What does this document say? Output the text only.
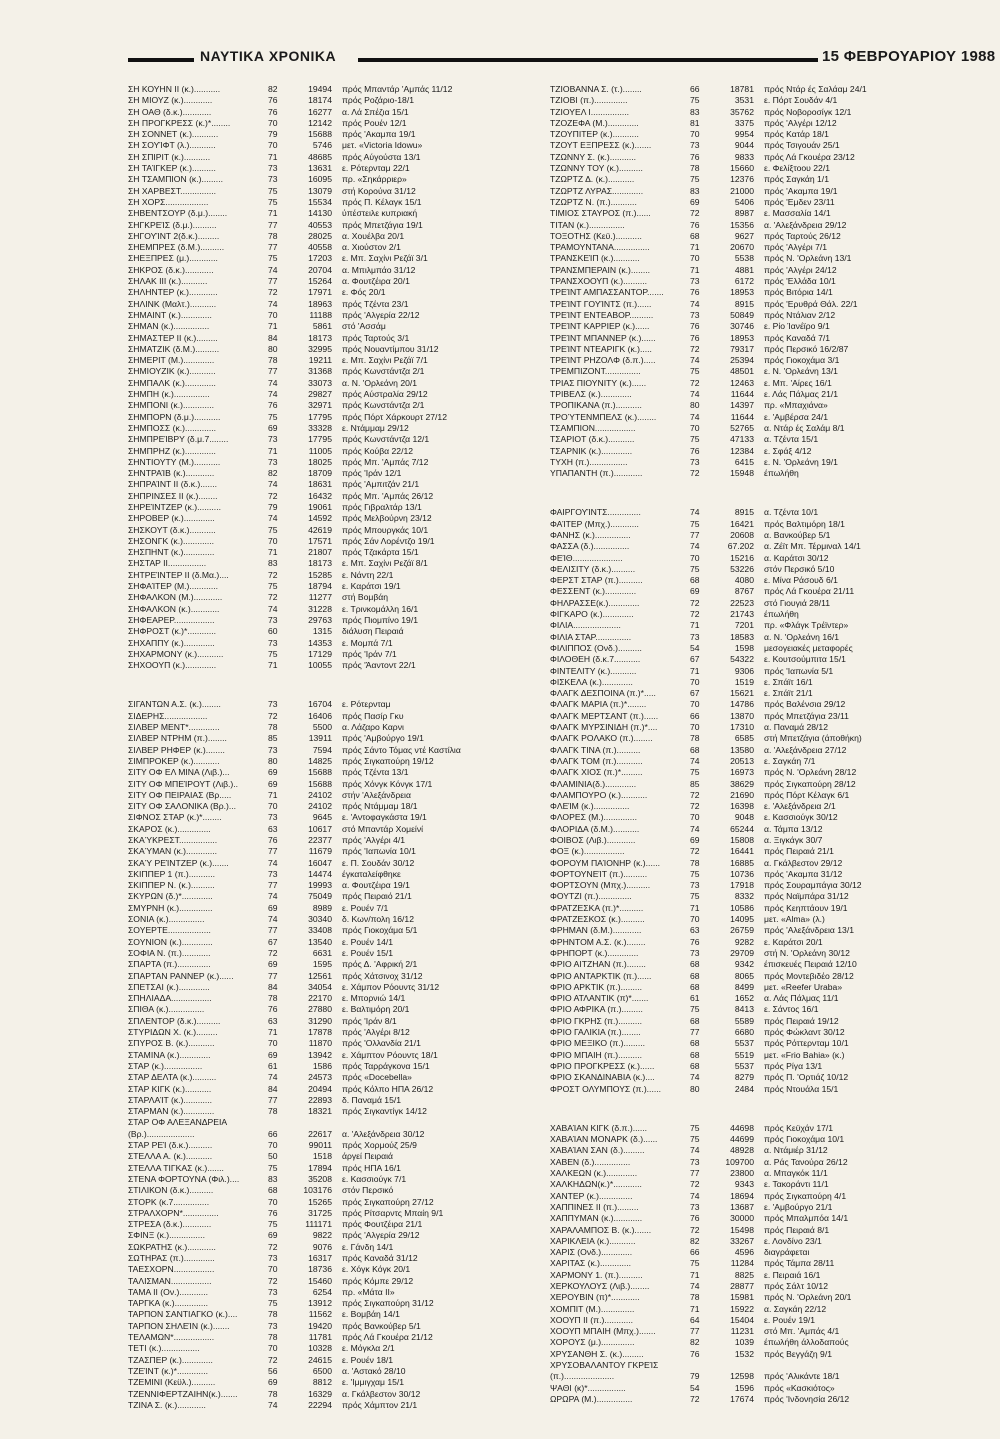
ΝΑΥΤΙΚΑ ΧΡΟΝΙΚΑ	15 ΦΕΒΡΟΥΑΡΙΟΥ 1988
ΣΗ ΚΟΥΗΝ ΙΙ (κ.)...........	82	19494	πρός Μπαντάρ 'Αμπάς 11/12
ΣΗ ΜΙΟΥΖ (κ.)............	76	18174	πρός Ροζάριο-18/1
ΣΗ ΟΑΘ (δ.κ.)............	76	16277	α. Λά Σπέζια 15/1
ΣΗ ΠΡΟΓΚΡΕΣΣ (κ.)*........	70	12142	πρός Ρουέν 12/1
ΣΗ ΣΟΝΝΕΤ (κ.)...........	79	15688	πρός 'Ακαμπα 19/1
ΣΗ ΣΟΥΊΦΤ (λ.)...........	70	5746	μετ. «Victoria Idowu»
ΣΗ ΣΠΙΡΙΤ (κ.)...........	71	48685	πρός Αύγούστα 13/1
ΣΗ ΤΑΊΓΚΕΡ (κ.)..........	73	13631	ε. Ρότερνταμ 22/1
ΣΗ ΤΣΑΜΠΙΟΝ (κ.).........	73	16095	πρ. «Σηκάρριερ»
ΣΗ ΧΑΡΒΕΣΤ...............	75	13079	στή Κορούνα 31/12
ΣΗ ΧΟΡΣ..................	75	15534	πρός Π. Κέλαγκ 15/1
ΣΗΒΕΝΤΣΟΥΡ (δ.μ.)........	71	14130	ύπέστειλε κυπριακή
ΣΗΓΚΡΕΊΣ (δ.μ.)..........	77	40553	πρός Μπετζάγια 19/1
ΣΗΓΟΥΊΝΤ 2(δ.κ.).........	78	28025	α. Χουέλβα 20/1
ΣΗΕΜΠΡΕΣ (δ.Μ.)..........	77	40558	α. Χιούστον 2/1
ΣΗΕΞΠΡΕΣ (μ.)............	75	17203	ε. Μπ. Σαχίνι Ρεζάϊ 3/1
ΣΗΚΡΟΣ (δ.κ.)............	74	20704	α. Μπιλμπάο 31/12
ΣΗΛΑΚ ΙΙΙ (κ.)...........	77	15264	α. Φουτζέιρα 20/1
ΣΗΛΗΝΤΕΡ (κ.)............	72	17971	ε. Φός 20/1
ΣΗΛΙΝΚ (Μαλτ.)...........	74	18963	πρός Τζέντα 23/1
ΣΗΜΑΙΝΤ (κ.).............	70	11188	πρός 'Αλγερία 22/12
ΣΗΜΑΝ (κ.)...............	71	5861	στό 'Ασσάμ
ΣΗΜΑΣΤΕΡ ΙΙ (κ.).........	84	18173	πρός Ταρτούς 3/1
ΣΗΜΑΤΖΙΚ (δ.Μ.)..........	80	32995	πρός Νουαντίμπου 31/12
ΣΗΜΕΡΙΤ (Μ.).............	78	19211	ε. Μπ. Σαχίνι Ρεζάϊ 7/1
ΣΗΜΙΟΥΖΙΚ (κ.)...........	77	31368	πρός Κωνστάντζα 2/1
ΣΗΜΠΑΛΚ (κ.).............	74	33073	α. Ν. 'Ορλεάνη 20/1
ΣΗΜΠΗ (κ.)...............	74	29827	πρός Αύστραλία 29/12
ΣΗΜΠΟΝΙ (κ.).............	76	32971	πρός Κωνστάντζα 2/1
ΣΗΜΠΟΡΝ (δ.μ.)...........	75	17795	πρός Πόρτ Χάρκουρτ 27/12
ΣΗΜΠΟΣΣ (κ.).............	69	33328	ε. Ντάμμαμ 29/12
ΣΗΜΠΡΕΊΒΡΥ (δ.μ.7........	73	17795	πρός Κωνστάντζα 12/1
ΣΗΜΠΡΗΖ (κ.).............	71	11005	πρός Κούβα 22/12
ΣΗΝΤΙΟΥΤΥ (Μ.)...........	73	18025	πρός Μπ. 'Αμπάς 7/12
ΣΗΝΤΡΑΊΒ (κ.)............	82	18709	πρός 'Ιράν 12/1
ΣΗΠΡΑΊΝΤ ΙΙ (δ.κ.).......	74	18631	πρός 'Αμπιτζάν 21/1
ΣΗΠΡΙΝΣΕΣ ΙΙ (κ.)........	72	16432	πρός Μπ. 'Αμπάς 26/12
ΣΗΡΕΊΝΤΖΕΡ (κ.)..........	79	19061	πρός Γιβραλτάρ 13/1
ΣΗΡΟΒΕΡ (κ.).............	74	14592	πρός Μελβούρνη 23/12
ΣΗΣΚΟΥΤ (δ.κ.)...........	75	42619	πρός Μπουργκάς 10/1
ΣΗΣΟΝΓΚ (κ.).............	70	17571	πρός Σάν Λορέντζο 19/1
ΣΗΣΠΗΝΤ (κ.).............	71	21807	πρός Τζακάρτα 15/1
ΣΗΣΤΑΡ ΙΙ................	83	18173	ε. Μπ. Σαχίνι Ρεζάϊ 8/1
ΣΗΤΡΕΊΝΤΕΡ ΙΙ (δ.Μα.)....	72	15285	ε. Νάντη 22/1
ΣΗΦΑΊΤΕΡ (Μ.)............	75	18794	ε. Καράτσι 19/1
ΣΗΦΑΛΚΟΝ (Μ.)............	72	11277	στή Βομβάη
ΣΗΦΑΛΚΟΝ (κ.)............	74	31228	ε. Τρινκομάλλη 16/1
ΣΗΦΕΑΡΕΡ.................	73	29763	πρός Πιομπίνο 19/1
ΣΗΦΡΟΣΤ (κ.)*............	60	1315	διάλυση Πειραιά
ΣΗΧΑΠΠΥ (κ.).............	73	14353	ε. Μομπά 7/1
ΣΗΧΑΡΜΟΝΥ (κ.)...........	75	17129	πρός 'Ιράν 7/1
ΣΗΧΟΟΥΠ (κ.).............	71	10055	πρός 'Άαντοντ 22/1
ΣΙΓΑΝΤΩΝ Α.Σ. (κ.)........	73	16704	ε. Ρότερνταμ
ΣΙΔΕΡΗΣ..................	72	16406	πρός Πασίρ Γκυ
ΣΙΛΒΕΡ ΜΕΝΤ*.............	78	5500	α. Λάζαρο Καρνι
ΣΙΛΒΕΡ ΝΤΡΗΜ (π.)........	85	13911	πρός 'Αμβούργο 19/1
ΣΙΛΒΕΡ ΡΗΦΕΡ (κ.)........	73	7594	πρός Σάντο Τόμας ντέ Καστίλια
ΣΙΜΠΡΟΚΕΡ (κ.)...........	80	14825	πρός Σιγκαπούρη 19/12
ΣΙΤΥ ΟΦ ΕΛ ΜΙΝΑ (Λιβ.)...	69	15688	πρός Τζέντα 13/1
ΣΙΤΥ ΟΦ ΜΠΕΊΡΟΥΤ (Λιβ.)..	69	15688	πρός Χόνγκ Κόνγκ 17/1
ΣΙΤΥ ΟΦ ΠΕΙΡΑΙΑΣ (Βρ.....	71	24102	στήν 'Αλεξάνδρεια
ΣΙΤΥ ΟΦ ΣΑΛΟΝΙΚΑ (Βρ.)...	70	24102	πρός Ντάμμαμ 18/1
ΣΙΦΝΟΣ ΣΤΑΡ (κ.)*........	73	9645	ε. 'Αντοφαγκάστα 19/1
ΣΚΑΡΟΣ (κ.)..............	63	10617	στό Μπαντάρ Χομείνί
ΣΚΑΎΚΡΕΣΤ................	76	22377	πρός 'Αλγέρι 4/1
ΣΚΑΎΜΑΝ (κ.).............	77	11679	πρός 'Ιαπωνία 10/1
ΣΚΑΎ ΡΕΊΝΤΖΕΡ (κ.).......	74	16047	ε. Π. Σουδάν 30/12
ΣΚΙΠΠΕΡ 1 (π.)...........	73	14474	έγκαταλείφθηκε
ΣΚΙΠΠΕΡ Ν. (κ.)..........	77	19993	α. Φουτζέιρα 19/1
ΣΚΥΡΩΝ (δ.)*.............	74	75049	πρός Πειραιό 21/1
ΣΜΥΡΝΗ (κ.)..............	69	8989	ε. Ρουέν 7/1
ΣΟΝΙΑ (κ.)...............	74	30340	δ. Κων/πολη 16/12
ΣΟΥΕΡΤΕ..................	77	33408	πρός Γιοκοχάμα 5/1
ΣΟΥΝΙΟΝ (κ.).............	67	13540	ε. Ρουέν 14/1
ΣΟΦΙΑ Ν. (π.)............	72	6631	ε. Ρουέν 15/1
ΣΠΑΡΤΑ (π.)..............	69	1595	πρός Δ. 'Αφρική 2/1
ΣΠΑΡΤΑΝ ΡΑΝΝΕΡ (κ.)......	77	12561	πρός Χάτσινοχ 31/12
ΣΠΕΤΣΑΙ (κ.).............	84	34054	ε. Χάμπον Ρόουντς 31/12
ΣΠΗΛΙΑΔΑ.................	78	22170	ε. Μπορνιώ 14/1
ΣΠΙΘΑ (κ.)...............	76	27880	ε. Βαλτιμόρη 20/1
ΣΠΛΕΝΤΟΡ (δ.κ.)..........	63	31290	πρός 'Ιράν 8/1
ΣΤΥΡΙΔΩΝ Χ. (κ.).........	71	17878	πρός 'Αλγέρι 8/12
ΣΠΥΡΟΣ Β. (κ.)...........	70	11870	πρός 'Ολλανδία 21/1
ΣΤΑΜΙΝΑ (κ.).............	69	13942	ε. Χάμπτον Ρόουντς 18/1
ΣΤΑΡ (κ.)................	61	1586	πρός Ταρράγκονα 15/1
ΣΤΑΡ ΔΕΛΤΑ (κ.)..........	74	24573	πρός «Docebella»
ΣΤΑΡ ΚΙΓΚ (κ.)...........	84	20494	πρός Κόλπο ΗΠΑ 26/12
ΣΤΑΡΛΑΊΤ (κ.)............	77	22893	δ. Παναμά 15/1
ΣΤΑΡΜΑΝ (κ.).............	78	18321	πρός Σιγκαντίγκ 14/12
ΣΤΑΡ ΟΦ ΑΛΕΞΑΝΔΡΕΙΑ
(Βρ.)....................	66	22617	α. 'Αλεξάνδρεια 30/12
ΣΤΑΡ ΡΕΊ (δ.κ.)..........	70	99011	πρός Χορμούζ 25/9
ΣΤΕΛΛΑ Α. (κ.)...........	50	1518	άργεί Πειραιά
ΣΤΕΛΛΑ ΤΙΓΚΑΣ (κ.).......	75	17894	πρός ΗΠΑ 16/1
ΣΤΕΝΑ ΦΟΡΤΟΥΝΑ (Φιλ.)....	83	35208	ε. Κασσιούγκ 7/1
ΣΤΙΛΙΚΟΝ (δ.κ.)..........	68	103176	στόν Περσικό
ΣΤΟΡΚ (κ.7...............	70	15265	πρός Σιγκαπούρη 27/12
ΣΤΡΑΛΧΟΡΝ*...............	76	31725	πρός Ρίτσαρντς Μπαίη 9/1
ΣΤΡΕΣΑ (δ.κ.)............	75	111171	πρός Φουτζέιρα 21/1
ΣΦΙΝΞ (κ.)...............	69	9822	πρός 'Αλγερία 29/12
ΣΩΚΡΑΤΗΣ (κ.)............	72	9076	ε. Γάνδη 14/1
ΣΩΤΗΡΑΣ (π.).............	73	16317	πρός Καναδά 31/12
ΤΑΕΣΧΟΡΝ.................	70	18736	ε. Χόγκ Κόγκ 20/1
ΤΑΛΙΣΜΑΝ.................	72	15460	πρός Κόμπε 29/12
ΤΑΜΑ ΙΙ (Ον.)............	73	6254	πρ. «Μάτα ΙΙ»
ΤΑΡΓΚΑ (κ.)..............	75	13912	πρός Σιγκαπούρη 31/12
ΤΑΡΠΟΝ ΣΑΝΤΙΑΓΚΟ (κ.)....	78	11562	ε. Βομβάη 14/1
ΤΑΡΠΟΝ ΣΗΛΕΊΝ (κ.).......	73	19420	πρός Βανκούβερ 5/1
ΤΕΛΑΜΩΝ*.................	78	11781	πρός Λά Γκουέρα 21/12
ΤΕΤΙ (κ.)................	70	10328	ε. Μόγκλα 2/1
ΤΖΑΣΠΕΡ (κ.).............	72	24615	ε. Ρουέν 18/1
ΤΖΕΊΝΤ (κ.)*.............	56	6500	α. 'Αστακό 28/10
ΤΖΕΜΙΝΙ (Κεϋλ.)..........	69	8812	ε. 'Ιμμιγχαμ 15/1
ΤΖΕΝΝΙΦΕΡΤΖΑΙΗΝ(κ.).......	78	16329	α. Γκάλβεστον 30/12
ΤΖΙΝΑ Σ. (κ.)............	74	22294	πρός Χάμπτον 21/1
ΤΖΙΟΒΑΝΝΑ Σ. (τ.)........	66	18781	πρός Ντάρ ές Σαλάαμ 24/1
ΤΖΙΟΒΙ (π.)..............	75	3531	ε. Πόρτ Σουδάν 4/1
ΤΖΙΟΥΕΛ Ι................	83	35762	πρός Νοβοροσίγκ 12/1
ΤΖΟΖΕΦΑ (Μ.).............	81	3375	πρός 'Αλγέρι 12/12
ΤΖΟΥΠΙΤΕΡ (κ.)...........	70	9954	πρός Κατάρ 18/1
ΤΖΟΥΤ ΕΞΠΡΕΣΣ (κ.).......	73	9044	πρός Τσιγουάν 25/1
ΤΖΩΝΝΥ Σ. (κ.)...........	76	9833	πρός Λά Γκουέρα 23/12
ΤΖΩΝΝΥ ΤΟΥ (κ.)..........	78	15660	ε. Φελίξτοου 22/1
ΤΖΩΡΤΖ Δ. (κ.)...........	75	12376	πρός Σαγκάη 1/1
ΤΖΩΡΤΖ ΛΥΡΑΣ.............	83	21000	πρός 'Ακαμπα 19/1
ΤΖΩΡΤΖ Ν. (π.)...........	69	5406	πρός 'Εμδεν 23/11
ΤΙΜΙΟΣ ΣΤΑΥΡΟΣ (π.)......	72	8987	ε. Μασσαλία 14/1
ΤΙΤΑΝ (κ.)...............	76	15356	α. 'Αλεξάνδρεια 29/12
ΤΟΞΟΤΗΣ (Κεϋ.)...........	68	9627	πρός Ταρτούς 26/12
ΤΡΑΜΟΥΝΤΑΝΑ...............	71	20670	πρός 'Αλγέρι 7/1
ΤΡΑΝΣΚΕΊΠ (κ.)...........	70	5538	πρός Ν. 'Ορλεάνη 13/1
ΤΡΑΝΣΜΠΕΡΑΙΝ (κ.)........	71	4881	πρός 'Αλγέρι 24/12
ΤΡΑΝΣΧΟΟΥΠ (κ.)..........	73	6172	πρός 'Ελλάδα 10/1
ΤΡΕΊΝΤ ΑΜΠΑΣΣΑΝΤΟΡ.......	76	18953	πρός Βιτόρια 14/1
ΤΡΕΊΝΤ ΓΟΥΊΝΤΣ (π.)......	74	8915	πρός 'Ερυθρά Θάλ. 22/1
ΤΡΕΊΝΤ ΕΝΤΕΑΒΟΡ..........	73	50849	πρός Ντάλιαν 2/12
ΤΡΕΊΝΤ ΚΑΡΡΙΕΡ (κ.)......	76	30746	ε. Ρίο Ίανέϊρο 9/1
ΤΡΕΊΝΤ ΜΠΑΝΝΕΡ (κ.)......	76	18953	πρός Καναδά 7/1
ΤΡΕΊΝΤ ΝΤΕΑΡΙΓΚ (κ.).....	72	79317	πρός Περσικό 16/2/87
ΤΡΕΊΝΤ ΡΗΖΟΛΦ (δ.π.).....	74	25394	πρός Γιοκοχάμα 3/1
ΤΡΕΜΠΙΖΟΝΤ...............	75	48501	ε. Ν. 'Ορλεάνη 13/1
ΤΡΙΑΣ ΠΙΟΥΝΙΤΥ (κ.)......	72	12463	ε. Μπ. 'Αίρες 16/1
ΤΡΙΒΕΛΣ (κ.).............	74	11644	ε. Λάς Πάλμας 21/1
ΤΡΟΠΙΚΑΝΑ (π.)...........	80	14397	πρ. «Μπαχιάνα»
ΤΡΟΎΤΕΝΜΠΕΛΣ (κ.)........	74	11644	ε. 'Αμβέρσα 24/1
ΤΣΑΜΠΙΟΝ.................	70	52765	α. Ντάρ ές Σαλάμ 8/1
ΤΣΑΡΙΟΤ (δ.κ.)...........	75	47133	α. Τζέντα 15/1
ΤΣΑΡΝΙΚ (κ.).............	76	12384	ε. Σφάξ 4/12
ΤΥΧΗ (π.)................	73	6415	ε. Ν. 'Ορλεάνη 19/1
ΥΠΑΠΑΝΤΗ (π.)............	72	15948	έπωλήθη
ΦΑΙΡΓΟΥΊΝΤΣ..............	74	8915	α. Τζέντα 10/1
ΦΑΊΤΕΡ (Μπχ.)............	75	16421	πρός Βαλτιμόρη 18/1
ΦΑΝΗΣ (κ.)...............	77	20608	α. Βανκούβερ 5/1
ΦΑΣΣΑ (δ.)...............	74	67.202	α. Ζέϊτ Μπ. Τέρμιναλ 14/1
ΦΕΊΘ.....................	70	15216	α. Καράτσι 30/12
ΦΕΛΙΣΙΤΥ (δ.κ.)..........	75	53226	στόν Περσικό 5/10
ΦΕΡΣΤ ΣΤΑΡ (π.)..........	68	4080	ε. Μίνα Ράσουδ 6/1
ΦΕΣΣΕΝΤ (κ.).............	69	8767	πρός Λά Γκουέρα 21/11
ΦΗΛΡΑΣΣΕ(κ.).............	72	22523	στό Γιουγιά 28/11
ΦΙΓΚΑΡΟ (κ.).............	72	21743	έπωλήθη
ΦΙΛΙΑ....................	71	7201	πρ. «Φλάγκ Τρέϊντερ»
ΦΙΛΙΑ ΣΤΑΡ...............	73	18583	α. Ν. 'Ορλεάνη 16/1
ΦΙΛΙΠΠΟΣ (Ονδ.)..........	54	1598	μεσογειακές μεταφορές
ΦΙΛΟΘΕΗ (δ.κ.7...........	67	54322	ε. Κουτσούμπιτα 15/1
ΦΙΝΤΕΛΙΤΥ (κ.)...........	71	9306	πρός 'Ιαπωνία 5/1
ΦΙΣΚΕΛΑ (κ.).............	70	1519	ε. Σπάϊτ 16/1
ΦΛΑΓΚ ΔΕΣΠΟΙΝΑ (π.)*.....	67	15621	ε. Σπάϊτ 21/1
ΦΛΑΓΚ ΜΑΡΙΑ (π.)*........	70	14786	πρός Βαλένσια 29/12
ΦΛΑΓΚ ΜΕΡΤΣΑΝΤ (π.)......	66	13870	πρός Μπετζάγια 23/11
ΦΛΑΓΚ ΜΥΡΣΙΝΙΔΗ (π.)*....	70	17310	α. Παναμά 28/12
ΦΛΑΓΚ ΡΟΛΑΚΟ (π.)........	78	6585	στή Μπετζάγια (άποθήκη)
ΦΛΑΓΚ ΤΙΝΑ (π.)..........	68	13580	α. 'Αλεξάνδρεια 27/12
ΦΛΑΓΚ ΤΟΜ (π.)...........	74	20513	ε. Σαγκάη 7/1
ΦΛΑΓΚ ΧΙΟΣ (π.)*.........	75	16973	πρός Ν. 'Ορλεάνη 28/12
ΦΛΑΜΙΝΙΑ(δ.).............	85	38629	πρός Σιγκαπούρη 28/12
ΦΛΑΜΠΟΥΡΟ (κ.)...........	72	21690	πρός Πόρτ Κέλαγκ 6/1
ΦΛΕΊΜ (κ.)...............	72	16398	ε. 'Αλεξάνδρεια 2/1
ΦΛΟΡΕΣ (Μ.)..............	70	9048	ε. Κασσιούγκ 30/12
ΦΛΟΡΙΔΑ (δ.Μ.)...........	74	65244	α. Τάμπα 13/12
ΦΟΙΒΟΣ (Λιβ.)............	69	15808	α. Ξιγκάγκ 30/7
ΦΟΞ (κ.).................	72	16441	πρός Πειραιά 21/1
ΦΟΡΟΥΜ ΠΑΊΟΝΗΡ (κ.)......	78	16885	α. Γκάλβεστον 29/12
ΦΟΡΤΟΥΝΕΊΤ (π.)..........	75	10736	πρός 'Ακαμπα 31/12
ΦΟΡΤΣΟΥΝ (Μπχ.)..........	73	17918	πρός Σουραμπάγια 30/12
ΦΟΥΤΖΙ (π.)..............	75	8332	πρός Ναϊμπάρα 31/12
ΦΡΑΤΖΕΣΚΑ (π.)*..........	71	10586	πρός Κεηπτάουν 19/1
ΦΡΑΤΖΕΣΚΟΣ (κ.)..........	70	14095	μετ. «Alma» (λ.)
ΦΡΗΜΑΝ (δ.Μ.)............	63	26759	πρός 'Αλεξάνδρεια 13/1
ΦΡΗΝΤΟΜ Α.Σ. (κ.)........	76	9282	ε. Καράτσι 20/1
ΦΡΗΠΟΡΤ (κ.).............	73	29709	στή Ν. 'Ορλεάνη 30/12
ΦΡΙΟ ΑΙΤΖΗΑΝ (π.)........	68	9342	έπισκευές Πειραιά 12/10
ΦΡΙΟ ΑΝΤΑΡΚΤΙΚ (π.)......	68	8065	πρός Μοντεβιδέο 28/12
ΦΡΙΟ ΑΡΚΤΙΚ (π.).........	68	8499	μετ. «Reefer Uraba»
ΦΡΙΟ ΑΤΛΑΝΤΙΚ (π)*.......	61	1652	α. Λάς Πάλμας 11/1
ΦΡΙΟ ΑΦΡΙΚΑ (π.).........	75	8413	ε. Σάντος 16/1
ΦΡΙΟ ΓΚΡΗΣ (π.)..........	68	5589	πρός Πειραιά 19/12
ΦΡΙΟ ΓΑΛΙΚΙΑ (π.)........	77	6680	πρός Φώκλαντ 30/12
ΦΡΙΟ ΜΕΞΙΚΟ (π.).........	68	5537	πρός Ρόττερνταμ 10/1
ΦΡΙΟ ΜΠΑΙΗ (π.)..........	68	5519	μετ. «Frio Bahia» (κ.)
ΦΡΙΟ ΠΡΟΓΚΡΕΣΣ (κ.)......	68	5537	πρός Ρίγα 13/1
ΦΡΙΟ ΣΚΑΝΔΙΝΑΒΙΑ (κ.)....	74	8279	πρός Π. 'Ορτιάζ 10/12
ΦΡΟΣΤ ΟΛΥΜΠΟΥΣ (π.)......	80	2484	πρός Ντουάλα 15/1
ΧΑΒΑΊΑΝ ΚΙΓΚ (δ.π.)......	75	44698	πρός Κεϋχάν 17/1
ΧΑΒΑΊΑΝ ΜΟΝΑΡΚ (δ.)......	75	44699	πρός Γιοκοχάμα 10/1
ΧΑΒΑΊΑΝ ΣΑΝ (δ.).........	74	48928	α. Ντάμιέρ 31/12
ΧΑΒΕΝ (δ.)...............	73	109700	α. Ράς Τανούρα 26/12
ΧΑΛΚΕΩΝ (κ.).............	77	23800	α. Μπαγκόκ 11/1
ΧΑΛΚΗΔΩΝ(κ.)*............	72	9343	ε. Τακοράντι 11/1
ΧΑΝΤΕΡ (κ.)..............	74	18694	πρός Σιγκαπούρη 4/1
ΧΑΠΠΙΝΕΣ ΙΙ (π.).........	73	13687	ε. 'Αμβούργο 21/1
ΧΑΠΠΥΜΑΝ (κ.)............	76	30000	πρός Μπαλμπόα 14/1
ΧΑΡΑΛΑΜΠΟΣ Β. (κ.).......	72	15498	πρός Πειραιά 8/1
ΧΑΡΙΚΛΕΙΑ (κ.)...........	82	33267	ε. Λονδίνο 23/1
ΧΑΡΙΣ (Ονδ.).............	66	4596	διαγράφεται
ΧΑΡΙΤΑΣ (κ.).............	75	11284	πρός Τάμπα 28/11
ΧΑΡΜΟΝΥ 1. (π.)..........	71	8825	ε. Πειραιά 16/1
ΧΕΡΚΟΥΛΟΥΣ (Λιβ.)........	74	28877	πρός Σάλτ 10/12
ΧΕΡΟΥΒΙΝ (π)*............	78	15981	πρός Ν. 'Ορλεάνη 20/1
ΧΟΜΠΙΤ (Μ.)..............	71	15922	α. Σαγκάη 22/12
ΧΟΟΥΠ ΙΙ (π.)............	64	15404	ε. Ρουέν 19/1
ΧΟΟΥΠ ΜΠΑΙΗ (Μπχ.).......	77	11231	στό Μπ. 'Αμπάς 4/1
ΧΟΡΟΥΣ (μ.)..............	82	1039	έπωλήθη άλλοδαπούς
ΧΡΥΣΑΝΘΗ Σ. (κ.).........	76	1532	πρός Βεγγάζη 9/1
ΧΡΥΣΟΒΑΛΑΝΤΟΥ ΓΚΡΕΊΣ
(π.).....................	79	12598	πρός 'Αλικάντε 18/1
ΨΑΘΙ (κ)*................	54	1596	πρός «Κασκιότος»
ΩΡΩΡΑ (Μ.)...............	72	17674	πρός 'Ινδονησία 26/12
